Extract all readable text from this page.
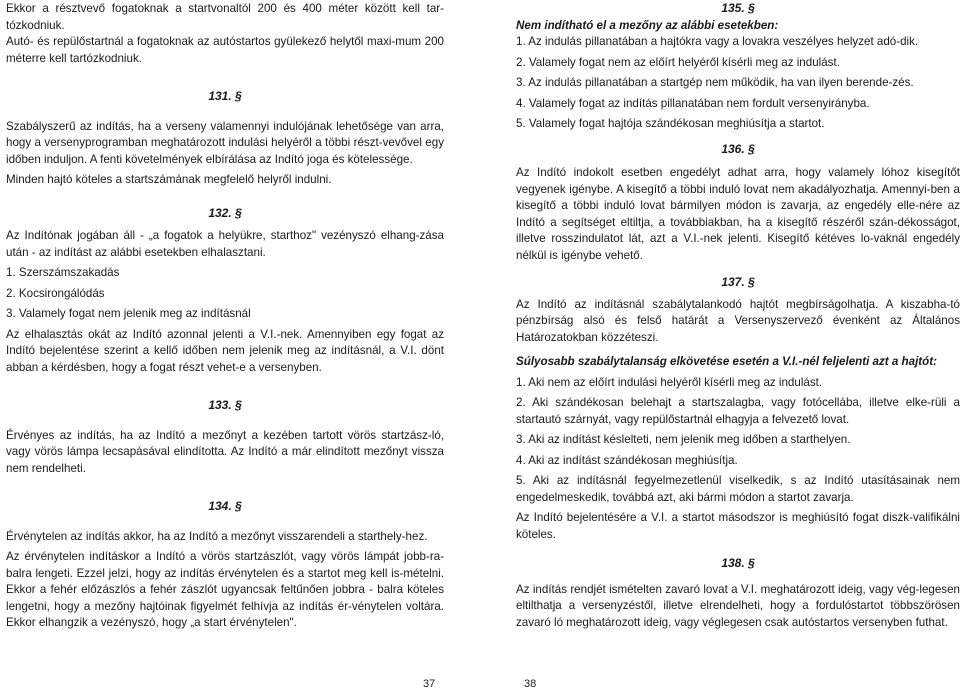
Ekkor a résztvevő fogatoknak a startvonaltól 200 és 400 méter között kell tar-tózkodniuk.

Autó- és repülőstartnál a fogatoknak az autóstartos gyülekező helytől maxi-mum 200 méterre kell tartózkodniuk.

131. §

Szabályszerű az indítás, ha a verseny valamennyi indulójának lehetősége van arra, hogy a versenyprogramban meghatározott indulási helyéről a többi részt-vevővel egy időben induljon. A fenti követelmények elbírálása az Indító joga és kötelessége.

Minden hajtó köteles a startszámának megfelelő helyről indulni.

132. §

Az Indítónak jogában áll - „a fogatok a helyükre, starthoz" vezényszó elhang-zása után - az indítást az alábbi esetekben elhalasztani.

1. Szerszámszakadás

2. Kocsirongálódás

3. Valamely fogat nem jelenik meg az indításnál

Az elhalasztás okát az Indító azonnal jelenti a V.I.-nek. Amennyiben egy fogat az Indító bejelentése szerint a kellő időben nem jelenik meg az indításnál, a V.I. dönt abban a kérdésben, hogy a fogat részt vehet-e a versenyben.

133. §

Érvényes az indítás, ha az Indító a mezőnyt a kezében tartott vörös startzász-ló, vagy vörös lámpa lecsapásával elindította. Az Indító a már elindított mezőnyt vissza nem rendelheti.

134. §

Érvénytelen az indítás akkor, ha az Indító a mezőnyt visszarendeli a starthely-hez.

Az érvénytelen indításkor a Indító a vörös startzászlót, vagy vörös lámpát jobb-ra-balra lengeti. Ezzel jelzi, hogy az indítás érvénytelen és a startot meg kell is-mételni. Ekkor a fehér előzászlós a fehér zászlót ugyancsak feltűnően jobbra - balra köteles lengetni, hogy a mezőny hajtóinak figyelmét felhívja az indítás ér-vénytelen voltára. Ekkor elhangzik a vezényszó, hogy „a start érvénytelen".

135. §

Nem indítható el a mezőny az alábbi esetekben:

1. Az indulás pillanatában a hajtókra vagy a lovakra veszélyes helyzet adó-dik.

2. Valamely fogat nem az előírt helyéről kísérli meg az indulást.

3. Az indulás pillanatában a startgép nem működik, ha van ilyen berende-zés.

4. Valamely fogat az indítás pillanatában nem fordult versenyirányba.

5. Valamely fogat hajtója szándékosan meghiúsítja a startot.

136. §

Az Indító indokolt esetben engedélyt adhat arra, hogy valamely lóhoz kisegítőt vegyenek igénybe. A kisegítő a többi induló lovat nem akadályozhatja. Amennyi-ben a kisegítő a többi induló lovat bármilyen módon is zavarja, az engedély elle-nére az Indító a segítséget eltiltja, a továbbiakban, ha a kisegítő részéről szán-dékosságot, illetve rosszindulatot lát, azt a V.I.-nek jelenti. Kisegítő kétéves lo-vaknál engedély nélkül is igénybe vehető.

137. §

Az Indító az indításnál szabálytalankodó hajtót megbírságolhatja. A kiszabha-tó pénzbírság alsó és felső határát a Versenyszervező évenként az Általános Határozatokban közzéteszi.

Súlyosabb szabálytalanság elkövetése esetén a V.I.-nél feljelenti azt a hajtót:

1. Aki nem az előírt indulási helyéről kísérli meg az indulást.

2. Aki szándékosan belehajt a startszalagba, vagy fotócellába, illetve elke-rüli a startautó szárnyát, vagy repülőstartnál elhagyja a felvezető lovat.

3. Aki az indítást késlelteti, nem jelenik meg időben a starthelyen.

4. Aki az indítást szándékosan meghiúsítja.

5. Aki az indításnál fegyelmezetlenül viselkedik, s az Indító utasításainak nem engedelmeskedik, továbbá azt, aki bármi módon a startot zavarja.

Az Indító bejelentésére a V.I. a startot másodszor is meghiúsító fogat diszk-valifikálni köteles.

138. §

Az indítás rendjét ismételten zavaró lovat a V.I. meghatározott ideig, vagy vég-legesen eltilthatja a versenyzéstől, illetve elrendelheti, hogy a fordulóstartot többszörösen zavaró ló meghatározott ideig, vagy véglegesen csak autóstartos versenyben futhat.

37	38
